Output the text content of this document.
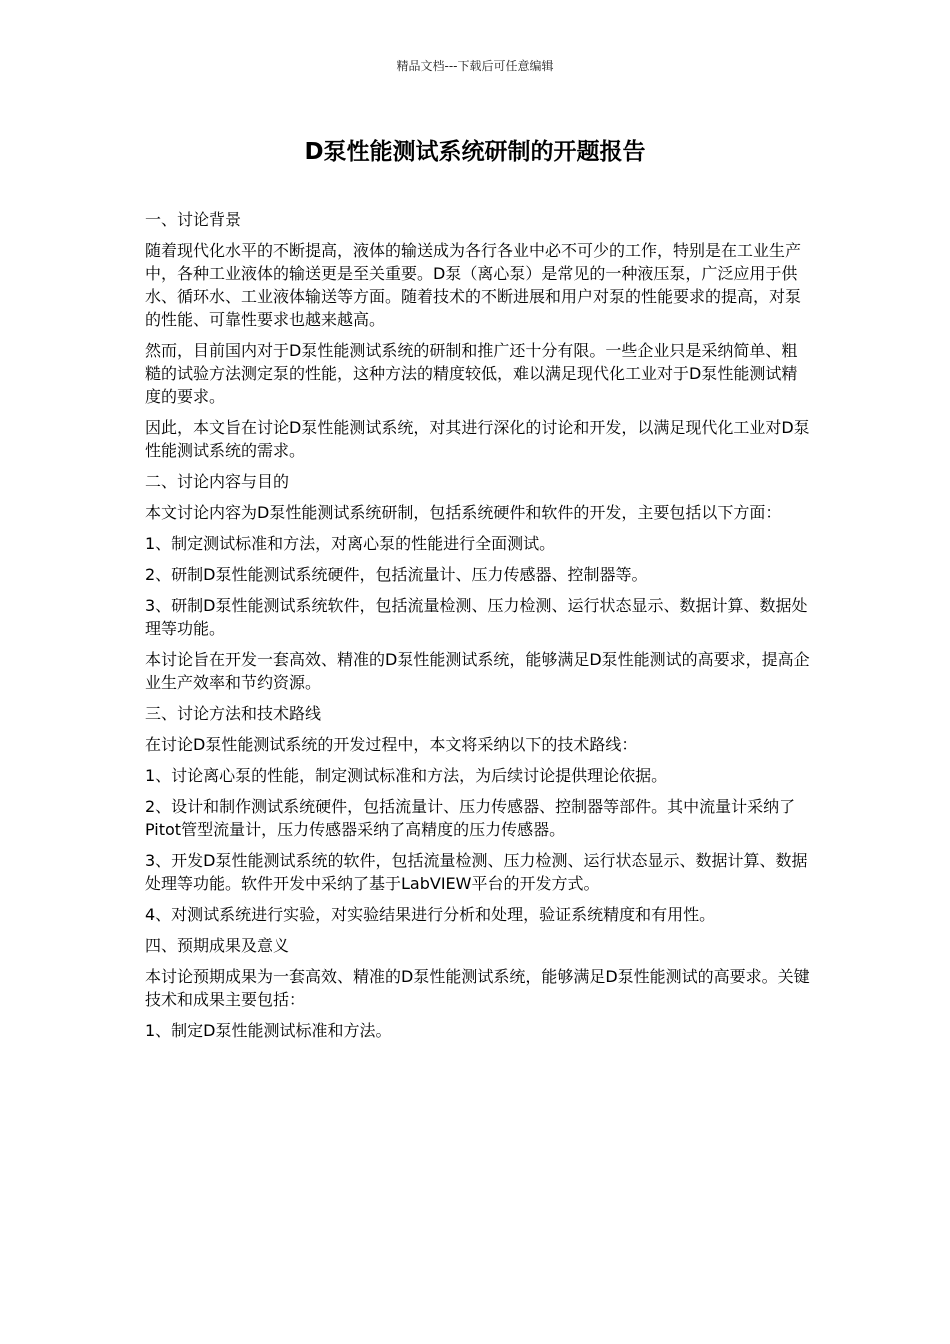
精品文档---下载后可任意编辑
D泵性能测试系统研制的开题报告
一、讨论背景
随着现代化水平的不断提高，液体的输送成为各行各业中必不可少的工作，特别是在工业生产中，各种工业液体的输送更是至关重要。D泵（离心泵）是常见的一种液压泵，广泛应用于供水、循环水、工业液体输送等方面。随着技术的不断进展和用户对泵的性能要求的提高，对泵的性能、可靠性要求也越来越高。
然而，目前国内对于D泵性能测试系统的研制和推广还十分有限。一些企业只是采纳简单、粗糙的试验方法测定泵的性能，这种方法的精度较低，难以满足现代化工业对于D泵性能测试精度的要求。
因此，本文旨在讨论D泵性能测试系统，对其进行深化的讨论和开发，以满足现代化工业对D泵性能测试系统的需求。
二、讨论内容与目的
本文讨论内容为D泵性能测试系统研制，包括系统硬件和软件的开发，主要包括以下方面：
1、制定测试标准和方法，对离心泵的性能进行全面测试。
2、研制D泵性能测试系统硬件，包括流量计、压力传感器、控制器等。
3、研制D泵性能测试系统软件，包括流量检测、压力检测、运行状态显示、数据计算、数据处理等功能。
本讨论旨在开发一套高效、精准的D泵性能测试系统，能够满足D泵性能测试的高要求，提高企业生产效率和节约资源。
三、讨论方法和技术路线
在讨论D泵性能测试系统的开发过程中，本文将采纳以下的技术路线：
1、讨论离心泵的性能，制定测试标准和方法，为后续讨论提供理论依据。
2、设计和制作测试系统硬件，包括流量计、压力传感器、控制器等部件。其中流量计采纳了Pitot管型流量计，压力传感器采纳了高精度的压力传感器。
3、开发D泵性能测试系统的软件，包括流量检测、压力检测、运行状态显示、数据计算、数据处理等功能。软件开发中采纳了基于LabVIEW平台的开发方式。
4、对测试系统进行实验，对实验结果进行分析和处理，验证系统精度和有用性。
四、预期成果及意义
本讨论预期成果为一套高效、精准的D泵性能测试系统，能够满足D泵性能测试的高要求。关键技术和成果主要包括：
1、制定D泵性能测试标准和方法。
